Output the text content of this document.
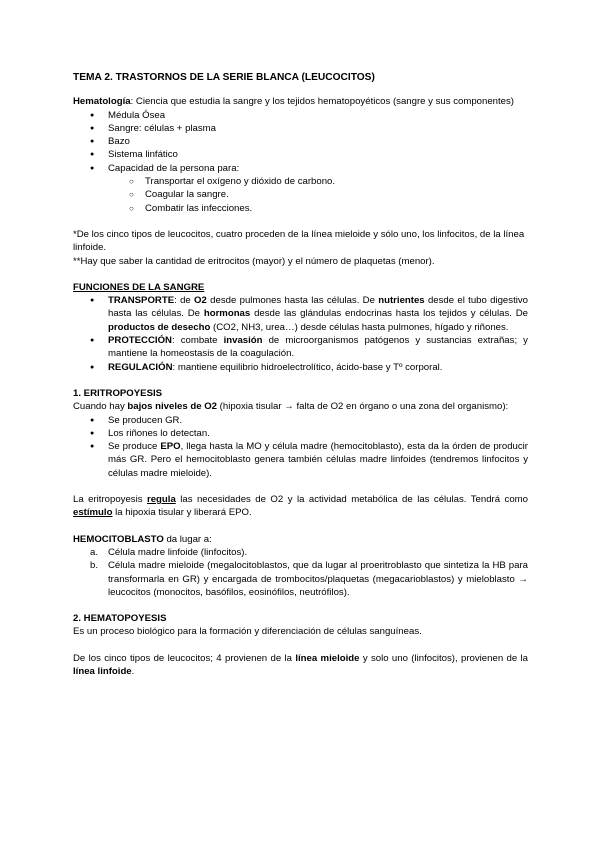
TEMA 2. TRASTORNOS DE LA SERIE BLANCA (LEUCOCITOS)

Hematología: Ciencia que estudia la sangre y los tejidos hematopoyéticos (sangre y sus componentes)

● Médula Ósea
● Sangre: células + plasma
● Bazo
● Sistema linfático
● Capacidad de la persona para:
○ Transportar el oxígeno y dióxido de carbono.
○ Coagular la sangre.
○ Combatir las infecciones.

*De los cinco tipos de leucocitos, cuatro proceden de la línea mieloide y sólo uno, los linfocitos, de la línea linfoide.

**Hay que saber la cantidad de eritrocitos (mayor) y el número de plaquetas (menor).

FUNCIONES DE LA SANGRE

● TRANSPORTE: de O2 desde pulmones hasta las células. De nutrientes desde el tubo digestivo hasta las células. De hormonas desde las glándulas endocrinas hasta los tejidos y células. De productos de desecho (CO2, NH3, urea…) desde células hasta pulmones, hígado y riñones.
● PROTECCIÓN: combate invasión de microorganismos patógenos y sustancias extrañas; y mantiene la homeostasis de la coagulación.
● REGULACIÓN: mantiene equilibrio hidroelectrolítico, ácido-base y Tº corporal.

1. ERITROPOYESIS

Cuando hay bajos niveles de O2 (hipoxia tisular → falta de O2 en órgano o una zona del organismo):

● Se producen GR.
● Los riñones lo detectan.
● Se produce EPO, llega hasta la MO y célula madre (hemocitoblasto), esta da la órden de producir más GR. Pero el hemocitoblasto genera también células madre linfoides (tendremos linfocitos y células madre mieloide).

La eritropoyesis regula las necesidades de O2 y la actividad metabólica de las células. Tendrá como estímulo la hipoxia tisular y liberará EPO.

HEMOCITOBLASTO da lugar a:

a. Célula madre linfoide (linfocitos).
b. Célula madre mieloide (megalocitoblastos, que da lugar al proeritroblasto que sintetiza la HB para transformarla en GR) y encargada de trombocitos/plaquetas (megacarioblastos) y mieloblasto → leucocitos (monocitos, basófilos, eosinófilos, neutrófilos).

2. HEMATOPOYESIS

Es un proceso biológico para la formación y diferenciación de células sanguíneas.

De los cinco tipos de leucocitos; 4 provienen de la línea mieloide y solo uno (linfocitos), provienen de la línea linfoide.
